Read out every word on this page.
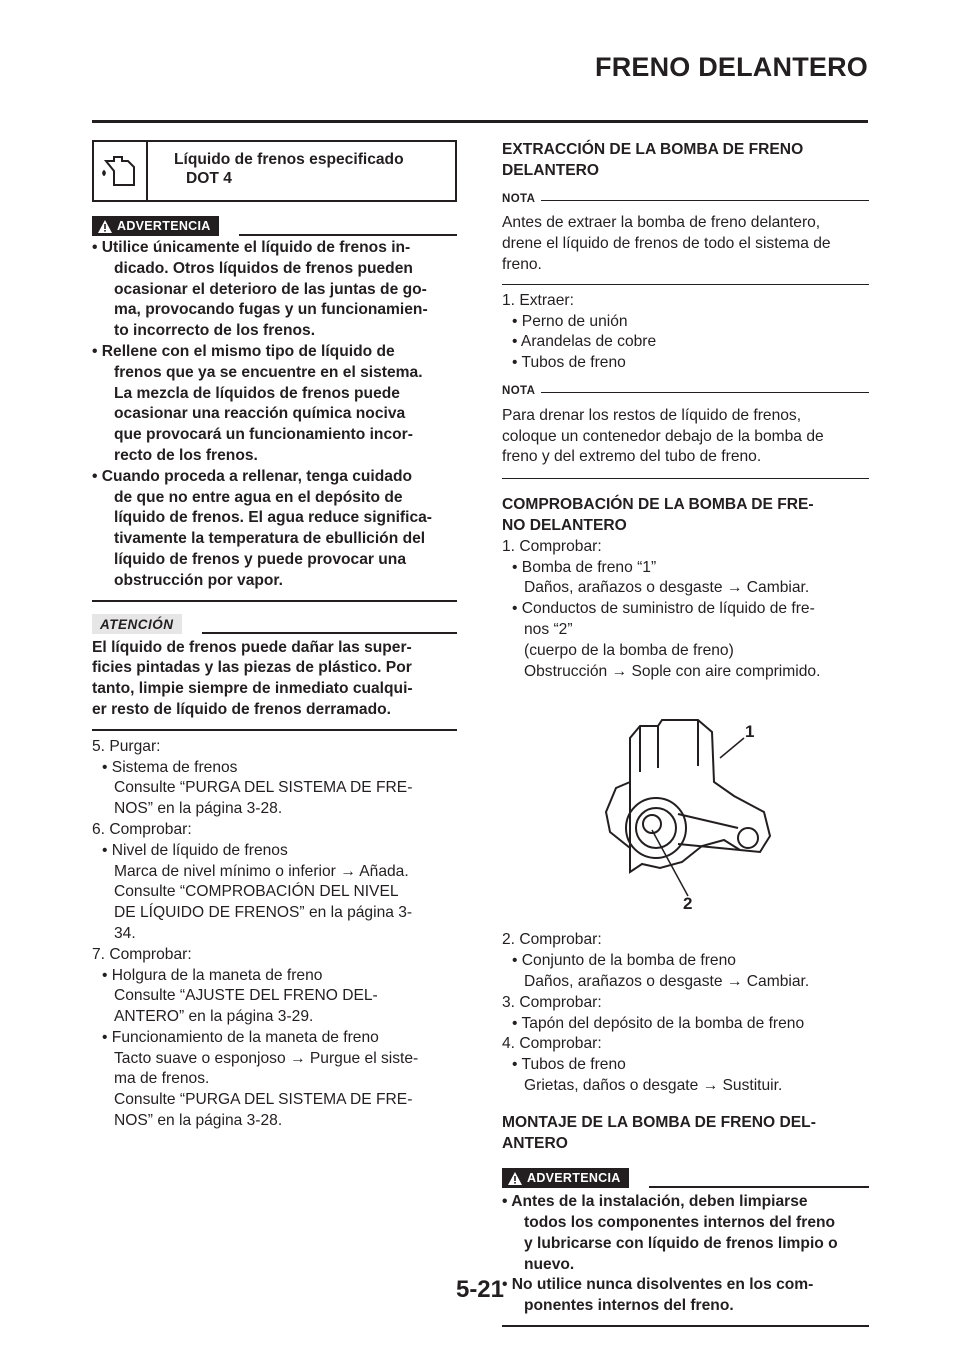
FRENO DELANTERO
Líquido de frenos especificado
DOT 4
ADVERTENCIA
• Utilice únicamente el líquido de frenos in-
dicado. Otros líquidos de frenos pueden
ocasionar el deterioro de las juntas de go-
ma, provocando fugas y un funcionamien-
to incorrecto de los frenos.
• Rellene con el mismo tipo de líquido de
frenos que ya se encuentre en el sistema.
La mezcla de líquidos de frenos puede
ocasionar una reacción química nociva
que provocará un funcionamiento incor-
recto de los frenos.
• Cuando proceda a rellenar, tenga cuidado
de que no entre agua en el depósito de
líquido de frenos. El agua reduce significa-
tivamente la temperatura de ebullición del
líquido de frenos y puede provocar una
obstrucción por vapor.
ATENCIÓN
El líquido de frenos puede dañar las super-
ficies pintadas y las piezas de plástico. Por
tanto, limpie siempre de inmediato cualqui-
er resto de líquido de frenos derramado.
5. Purgar:
• Sistema de frenos
Consulte “PURGA DEL SISTEMA DE FRE-
NOS” en la página 3-28.
6. Comprobar:
• Nivel de líquido de frenos
Marca de nivel mínimo o inferior → Añada.
Consulte “COMPROBACIÓN DEL NIVEL
DE LÍQUIDO DE FRENOS” en la página 3-
34.
7. Comprobar:
• Holgura de la maneta de freno
Consulte “AJUSTE DEL FRENO DEL-
ANTERO” en la página 3-29.
• Funcionamiento de la maneta de freno
Tacto suave o esponjoso → Purgue el siste-
ma de frenos.
Consulte “PURGA DEL SISTEMA DE FRE-
NOS” en la página 3-28.
EXTRACCIÓN DE LA BOMBA DE FRENO
DELANTERO
NOTA
Antes de extraer la bomba de freno delantero,
drene el líquido de frenos de todo el sistema de
freno.
1. Extraer:
• Perno de unión
• Arandelas de cobre
• Tubos de freno
NOTA
Para drenar los restos de líquido de frenos,
coloque un contenedor debajo de la bomba de
freno y del extremo del tubo de freno.
COMPROBACIÓN DE LA BOMBA DE FRE-
NO DELANTERO
1. Comprobar:
• Bomba de freno “1”
Daños, arañazos o desgaste → Cambiar.
• Conductos de suministro de líquido de fre-
nos “2”
(cuerpo de la bomba de freno)
Obstrucción → Sople con aire comprimido.
1
2
2. Comprobar:
• Conjunto de la bomba de freno
Daños, arañazos o desgaste → Cambiar.
3. Comprobar:
• Tapón del depósito de la bomba de freno
4. Comprobar:
• Tubos de freno
Grietas, daños o desgate → Sustituir.
MONTAJE DE LA BOMBA DE FRENO DEL-
ANTERO
ADVERTENCIA
• Antes de la instalación, deben limpiarse
todos los componentes internos del freno
y lubricarse con líquido de frenos limpio o
nuevo.
• No utilice nunca disolventes en los com-
ponentes internos del freno.
5-21
